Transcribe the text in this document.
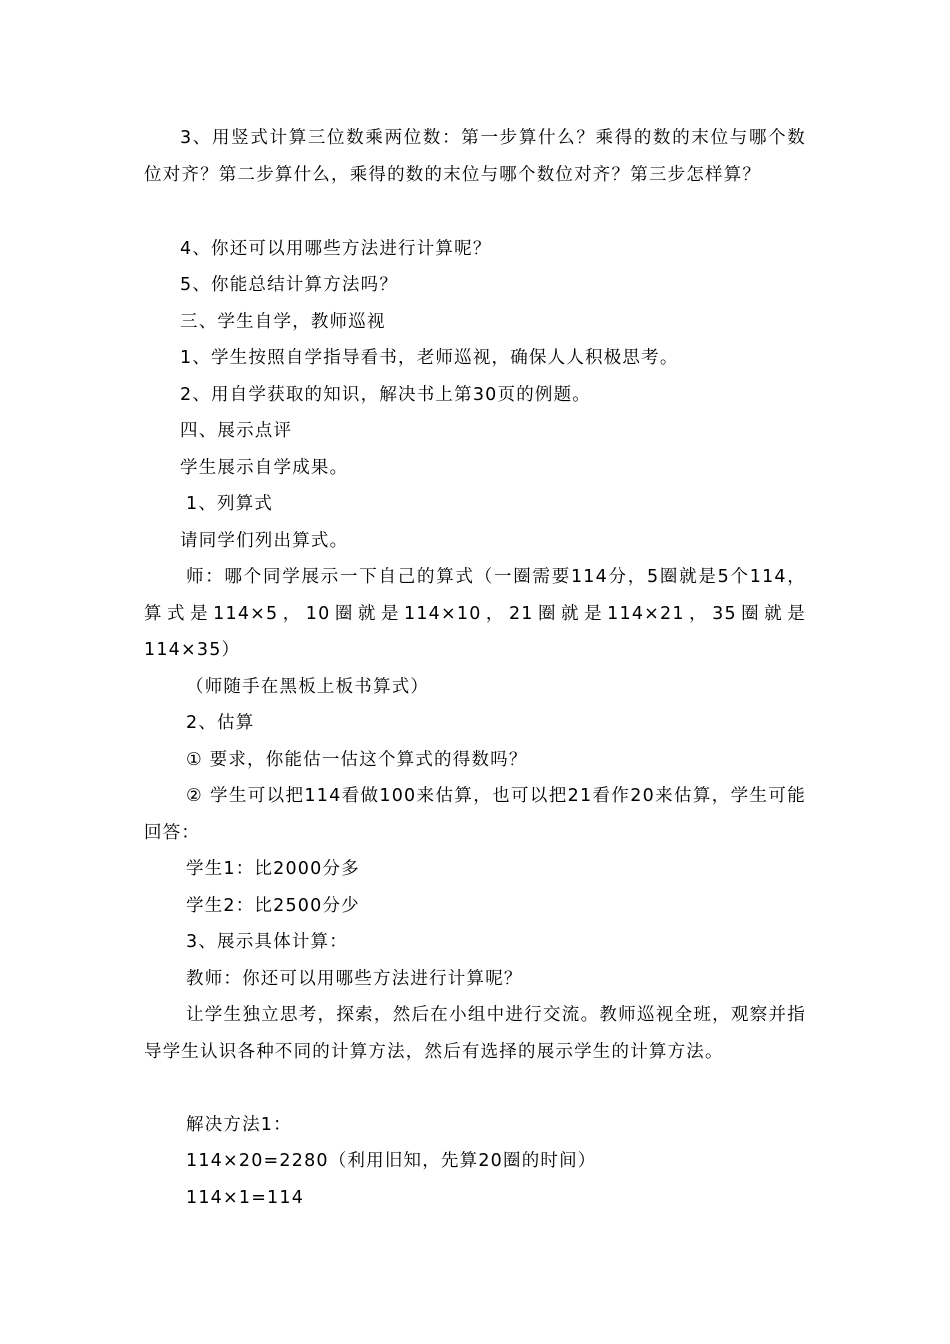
3、用竖式计算三位数乘两位数：第一步算什么？乘得的数的末位与哪个数位对齐？第二步算什么，乘得的数的末位与哪个数位对齐？第三步怎样算？

4、你还可以用哪些方法进行计算呢？

5、你能总结计算方法吗？

三、学生自学，教师巡视

1、学生按照自学指导看书，老师巡视，确保人人积极思考。

2、用自学获取的知识，解决书上第30页的例题。

四、展示点评

学生展示自学成果。

1、列算式

请同学们列出算式。

师：哪个同学展示一下自己的算式（一圈需要114分，5圈就是5个114，算式是114×5，10圈就是114×10，21圈就是114×21，35圈就是114×35）

（师随手在黑板上板书算式）

2、估算

① 要求，你能估一估这个算式的得数吗？

② 学生可以把114看做100来估算，也可以把21看作20来估算，学生可能回答：

学生1：比2000分多

学生2：比2500分少

3、展示具体计算：

教师：你还可以用哪些方法进行计算呢？

让学生独立思考，探索，然后在小组中进行交流。教师巡视全班，观察并指导学生认识各种不同的计算方法，然后有选择的展示学生的计算方法。

解决方法1：

114×20=2280（利用旧知，先算20圈的时间）

114×1=114
